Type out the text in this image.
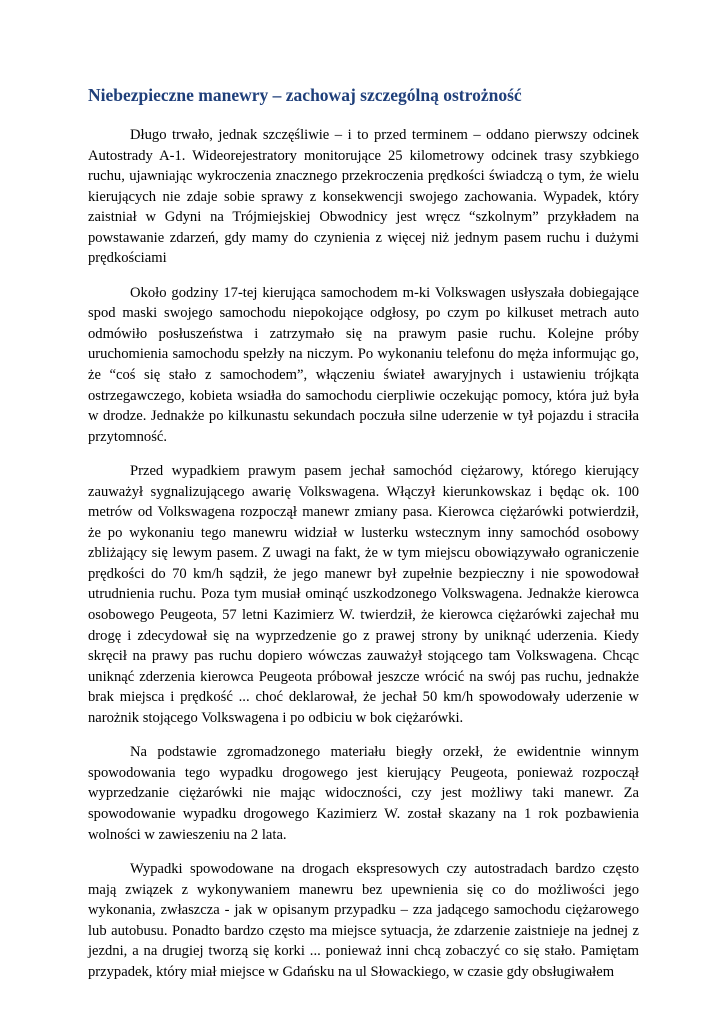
Niebezpieczne manewry – zachowaj szczególną ostrożność

Długo trwało, jednak szczęśliwie – i to przed terminem – oddano pierwszy odcinek Autostrady A-1. Wideorejestratory monitorujące 25 kilometrowy odcinek trasy szybkiego ruchu, ujawniając wykroczenia znacznego przekroczenia prędkości świadczą o tym, że wielu kierujących nie zdaje sobie sprawy z konsekwencji swojego zachowania. Wypadek, który zaistniał w Gdyni na Trójmiejskiej Obwodnicy jest wręcz “szkolnym” przykładem na powstawanie zdarzeń, gdy mamy do czynienia z więcej niż jednym pasem ruchu i dużymi prędkościami

Około godziny 17-tej kierująca samochodem m-ki Volkswagen usłyszała dobiegające spod maski swojego samochodu niepokojące odgłosy, po czym po kilkuset metrach auto odmówiło posłuszeństwa i zatrzymało się na prawym pasie ruchu. Kolejne próby uruchomienia samochodu spełzły na niczym. Po wykonaniu telefonu do męża informując go, że “coś się stało z samochodem”, włączeniu świateł awaryjnych i ustawieniu trójkąta ostrzegawczego, kobieta wsiadła do samochodu cierpliwie oczekując pomocy, która już była w drodze. Jednakże po kilkunastu sekundach poczuła silne uderzenie w tył pojazdu i straciła przytomność.

Przed wypadkiem prawym pasem jechał samochód ciężarowy, którego kierujący zauważył sygnalizującego awarię Volkswagena. Włączył kierunkowskaz i będąc ok. 100 metrów od Volkswagena rozpoczął manewr zmiany pasa. Kierowca ciężarówki potwierdził, że po wykonaniu tego manewru widział w lusterku wstecznym inny samochód osobowy zbliżający się lewym pasem. Z uwagi na fakt, że w tym miejscu obowiązywało ograniczenie prędkości do 70 km/h sądził, że jego manewr był zupełnie bezpieczny i nie spowodował utrudnienia ruchu. Poza tym musiał ominąć uszkodzonego Volkswagena. Jednakże kierowca osobowego Peugeota, 57 letni Kazimierz W. twierdził, że kierowca ciężarówki zajechał mu drogę i zdecydował się na wyprzedzenie go z prawej strony by uniknąć uderzenia. Kiedy skręcił na prawy pas ruchu dopiero wówczas zauważył stojącego tam Volkswagena. Chcąc uniknąć zderzenia kierowca Peugeota próbował jeszcze wrócić na swój pas ruchu, jednakże brak miejsca i prędkość ... choć deklarował, że jechał 50 km/h spowodowały uderzenie w narożnik stojącego Volkswagena i po odbiciu w bok ciężarówki.

Na podstawie zgromadzonego materiału biegły orzekł, że ewidentnie winnym spowodowania tego wypadku drogowego jest kierujący Peugeota, ponieważ rozpoczął wyprzedzanie ciężarówki nie mając widoczności, czy jest możliwy taki manewr. Za spowodowanie wypadku drogowego Kazimierz W. został skazany na 1 rok pozbawienia wolności w zawieszeniu na 2 lata.

Wypadki spowodowane na drogach ekspresowych czy autostradach bardzo często mają związek z wykonywaniem manewru bez upewnienia się co do możliwości jego wykonania, zwłaszcza - jak w opisanym przypadku – zza jadącego samochodu ciężarowego lub autobusu. Ponadto bardzo często ma miejsce sytuacja, że zdarzenie zaistnieje na jednej z jezdni, a na drugiej tworzą się korki ... ponieważ inni chcą zobaczyć co się stało. Pamiętam przypadek, który miał miejsce w Gdańsku na ul Słowackiego, w czasie gdy obsługiwałem
